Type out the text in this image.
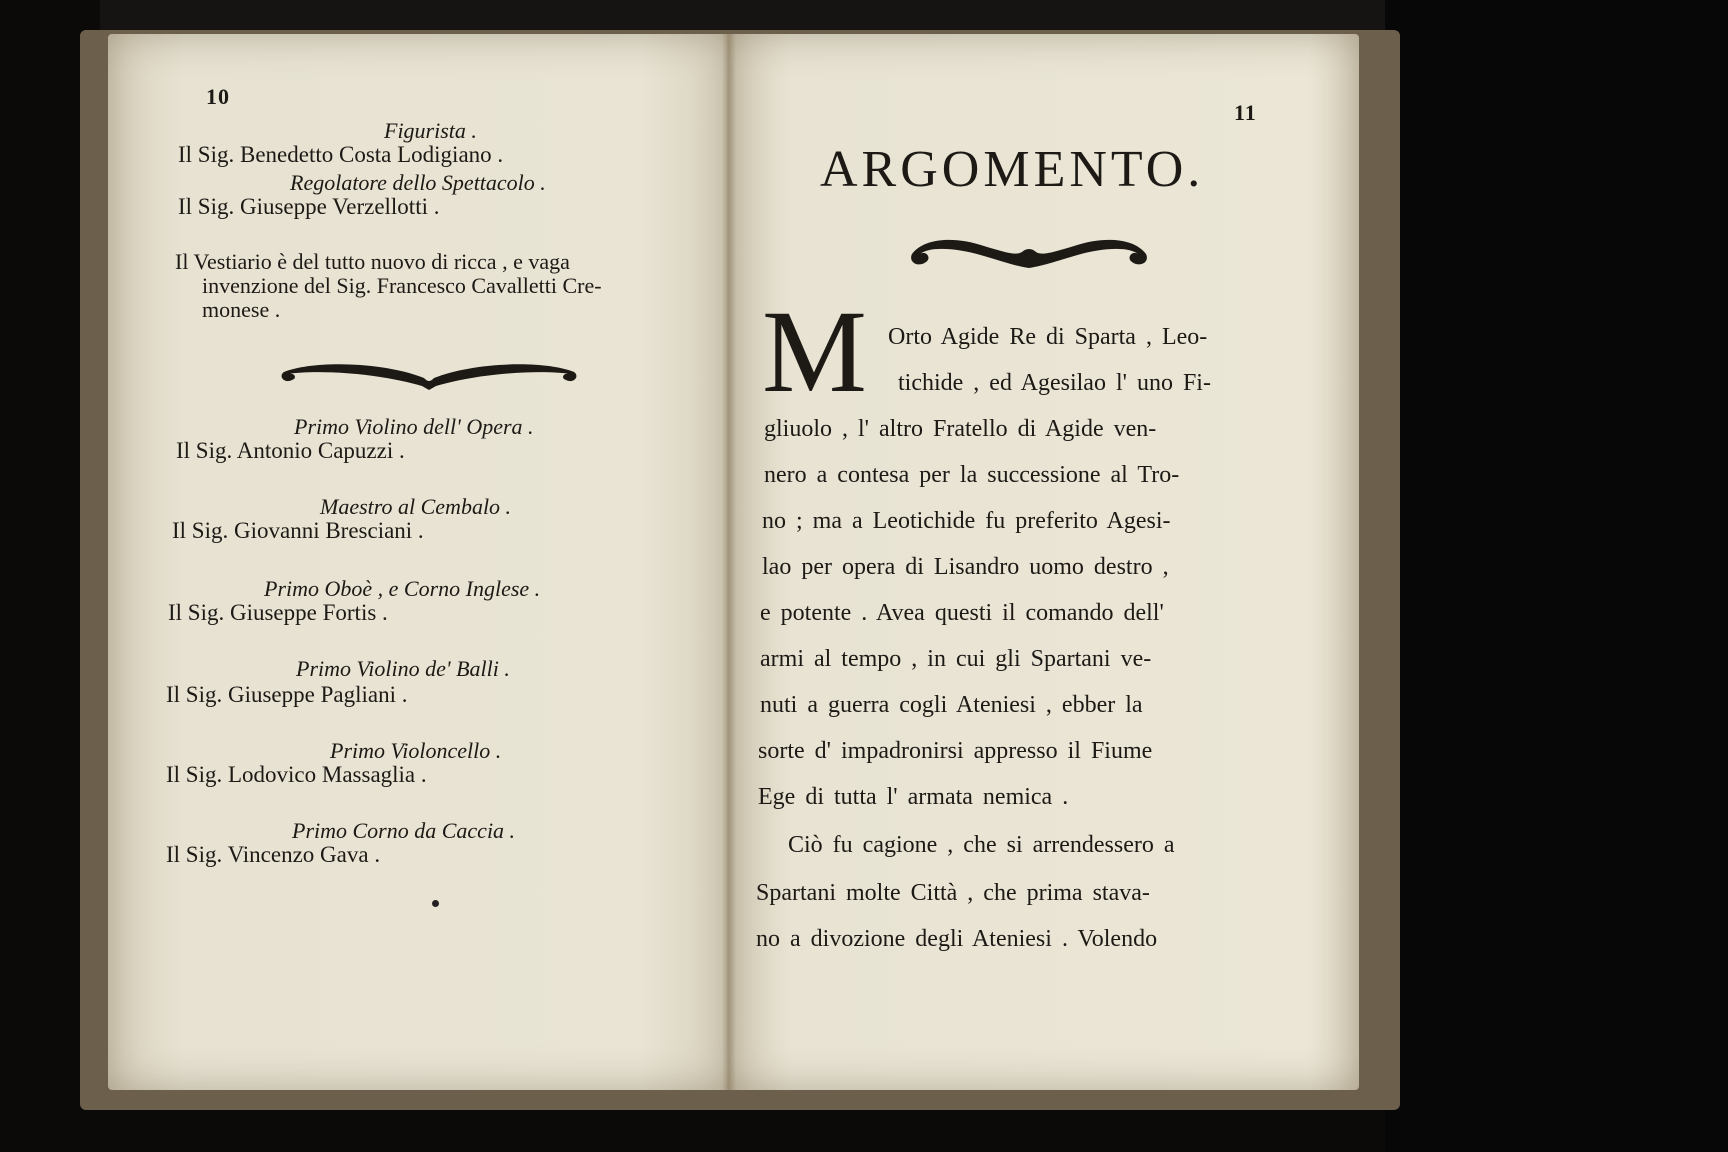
10
Figurista .
Il Sig. Benedetto Costa Lodigiano .
Regolatore dello Spettacolo .
Il Sig. Giuseppe Verzellotti .
Il Vestiario è del tutto nuovo di ricca , e vaga
invenzione del Sig. Francesco Cavalletti Cre-
monese .
Primo Violino dell' Opera .
Il Sig. Antonio Capuzzi .
Maestro al Cembalo .
Il Sig. Giovanni Bresciani .
Primo Oboè , e Corno Inglese .
Il Sig. Giuseppe Fortis .
Primo Violino de' Balli .
Il Sig. Giuseppe Pagliani .
Primo Violoncello .
Il Sig. Lodovico Massaglia .
Primo Corno da Caccia .
Il Sig. Vincenzo Gava .
11
ARGOMENTO.
M Orto Agide Re di Sparta , Leo-
tichide , ed Agesilao l' uno Fi-
gliuolo , l' altro Fratello di Agide ven-
nero a contesa per la successione al Tro-
no ; ma a Leotichide fu preferito Agesi-
lao per opera di Lisandro uomo destro ,
e potente . Avea questi il comando dell'
armi al tempo , in cui gli Spartani ve-
nuti a guerra cogli Ateniesi , ebber la
sorte d' impadronirsi appresso il Fiume
Ege di tutta l' armata nemica .
Ciò fu cagione , che si arrendessero a
Spartani molte Città , che prima stava-
no a divozione degli Ateniesi . Volendo
